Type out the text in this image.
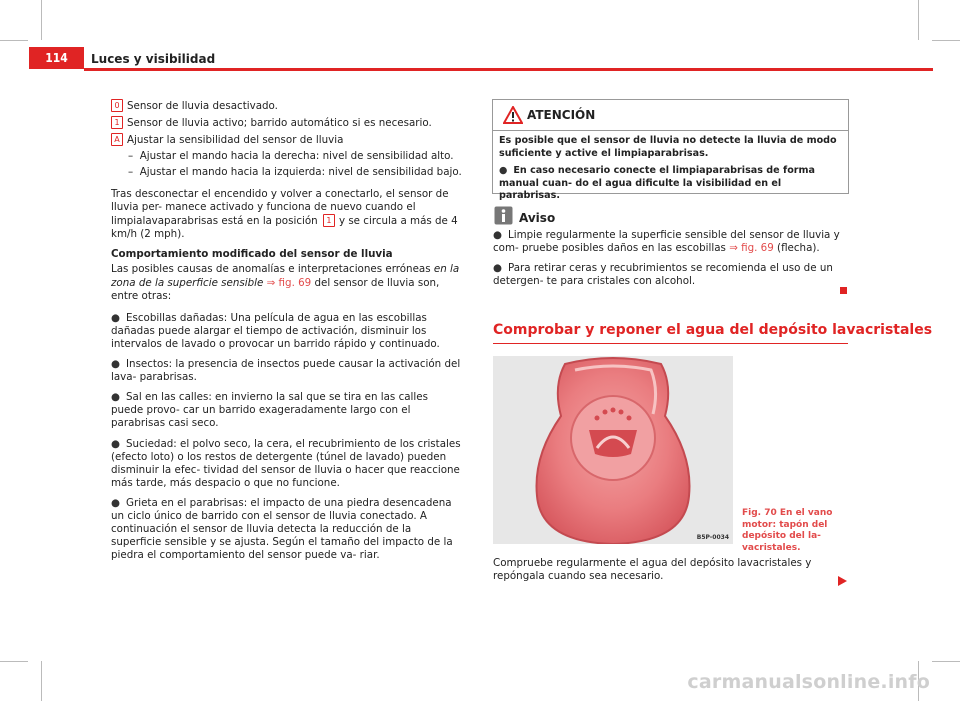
114	Luces y visibilidad
0 Sensor de lluvia desactivado.
1 Sensor de lluvia activo; barrido automático si es necesario.
A Ajustar la sensibilidad del sensor de lluvia
– Ajustar el mando hacia la derecha: nivel de sensibilidad alto.
– Ajustar el mando hacia la izquierda: nivel de sensibilidad bajo.

Tras desconectar el encendido y volver a conectarlo, el sensor de lluvia per- manece activado y funciona de nuevo cuando el limpialavaparabrisas está en la posición 1 y se circula a más de 4 km/h (2 mph).

Comportamiento modificado del sensor de lluvia

Las posibles causas de anomalías e interpretaciones erróneas en la zona de la superficie sensible ⇒ fig. 69 del sensor de lluvia son, entre otras:

● Escobillas dañadas: Una película de agua en las escobillas dañadas puede alargar el tiempo de activación, disminuir los intervalos de lavado o provocar un barrido rápido y continuado.

● Insectos: la presencia de insectos puede causar la activación del lava- parabrisas.

● Sal en las calles: en invierno la sal que se tira en las calles puede provo- car un barrido exageradamente largo con el parabrisas casi seco.

● Suciedad: el polvo seco, la cera, el recubrimiento de los cristales (efecto loto) o los restos de detergente (túnel de lavado) pueden disminuir la efec- tividad del sensor de lluvia o hacer que reaccione más tarde, más despacio o que no funcione.

● Grieta en el parabrisas: el impacto de una piedra desencadena un ciclo único de barrido con el sensor de lluvia conectado. A continuación el sensor de lluvia detecta la reducción de la superficie sensible y se ajusta. Según el tamaño del impacto de la piedra el comportamiento del sensor puede va- riar.

ATENCIÓN

Es posible que el sensor de lluvia no detecte la lluvia de modo suficiente y active el limpiaparabrisas.

● En caso necesario conecte el limpiaparabrisas de forma manual cuan- do el agua dificulte la visibilidad en el parabrisas.

Aviso

● Limpie regularmente la superficie sensible del sensor de lluvia y com- pruebe posibles daños en las escobillas ⇒ fig. 69 (flecha).

● Para retirar ceras y recubrimientos se recomienda el uso de un detergen- te para cristales con alcohol.

Comprobar y reponer el agua del depósito lavacristales
B5P-0034
Fig. 70 En el vano motor: tapón del depósito del la- vacristales.

Compruebe regularmente el agua del depósito lavacristales y repóngala cuando sea necesario.

carmanualsonline.info
